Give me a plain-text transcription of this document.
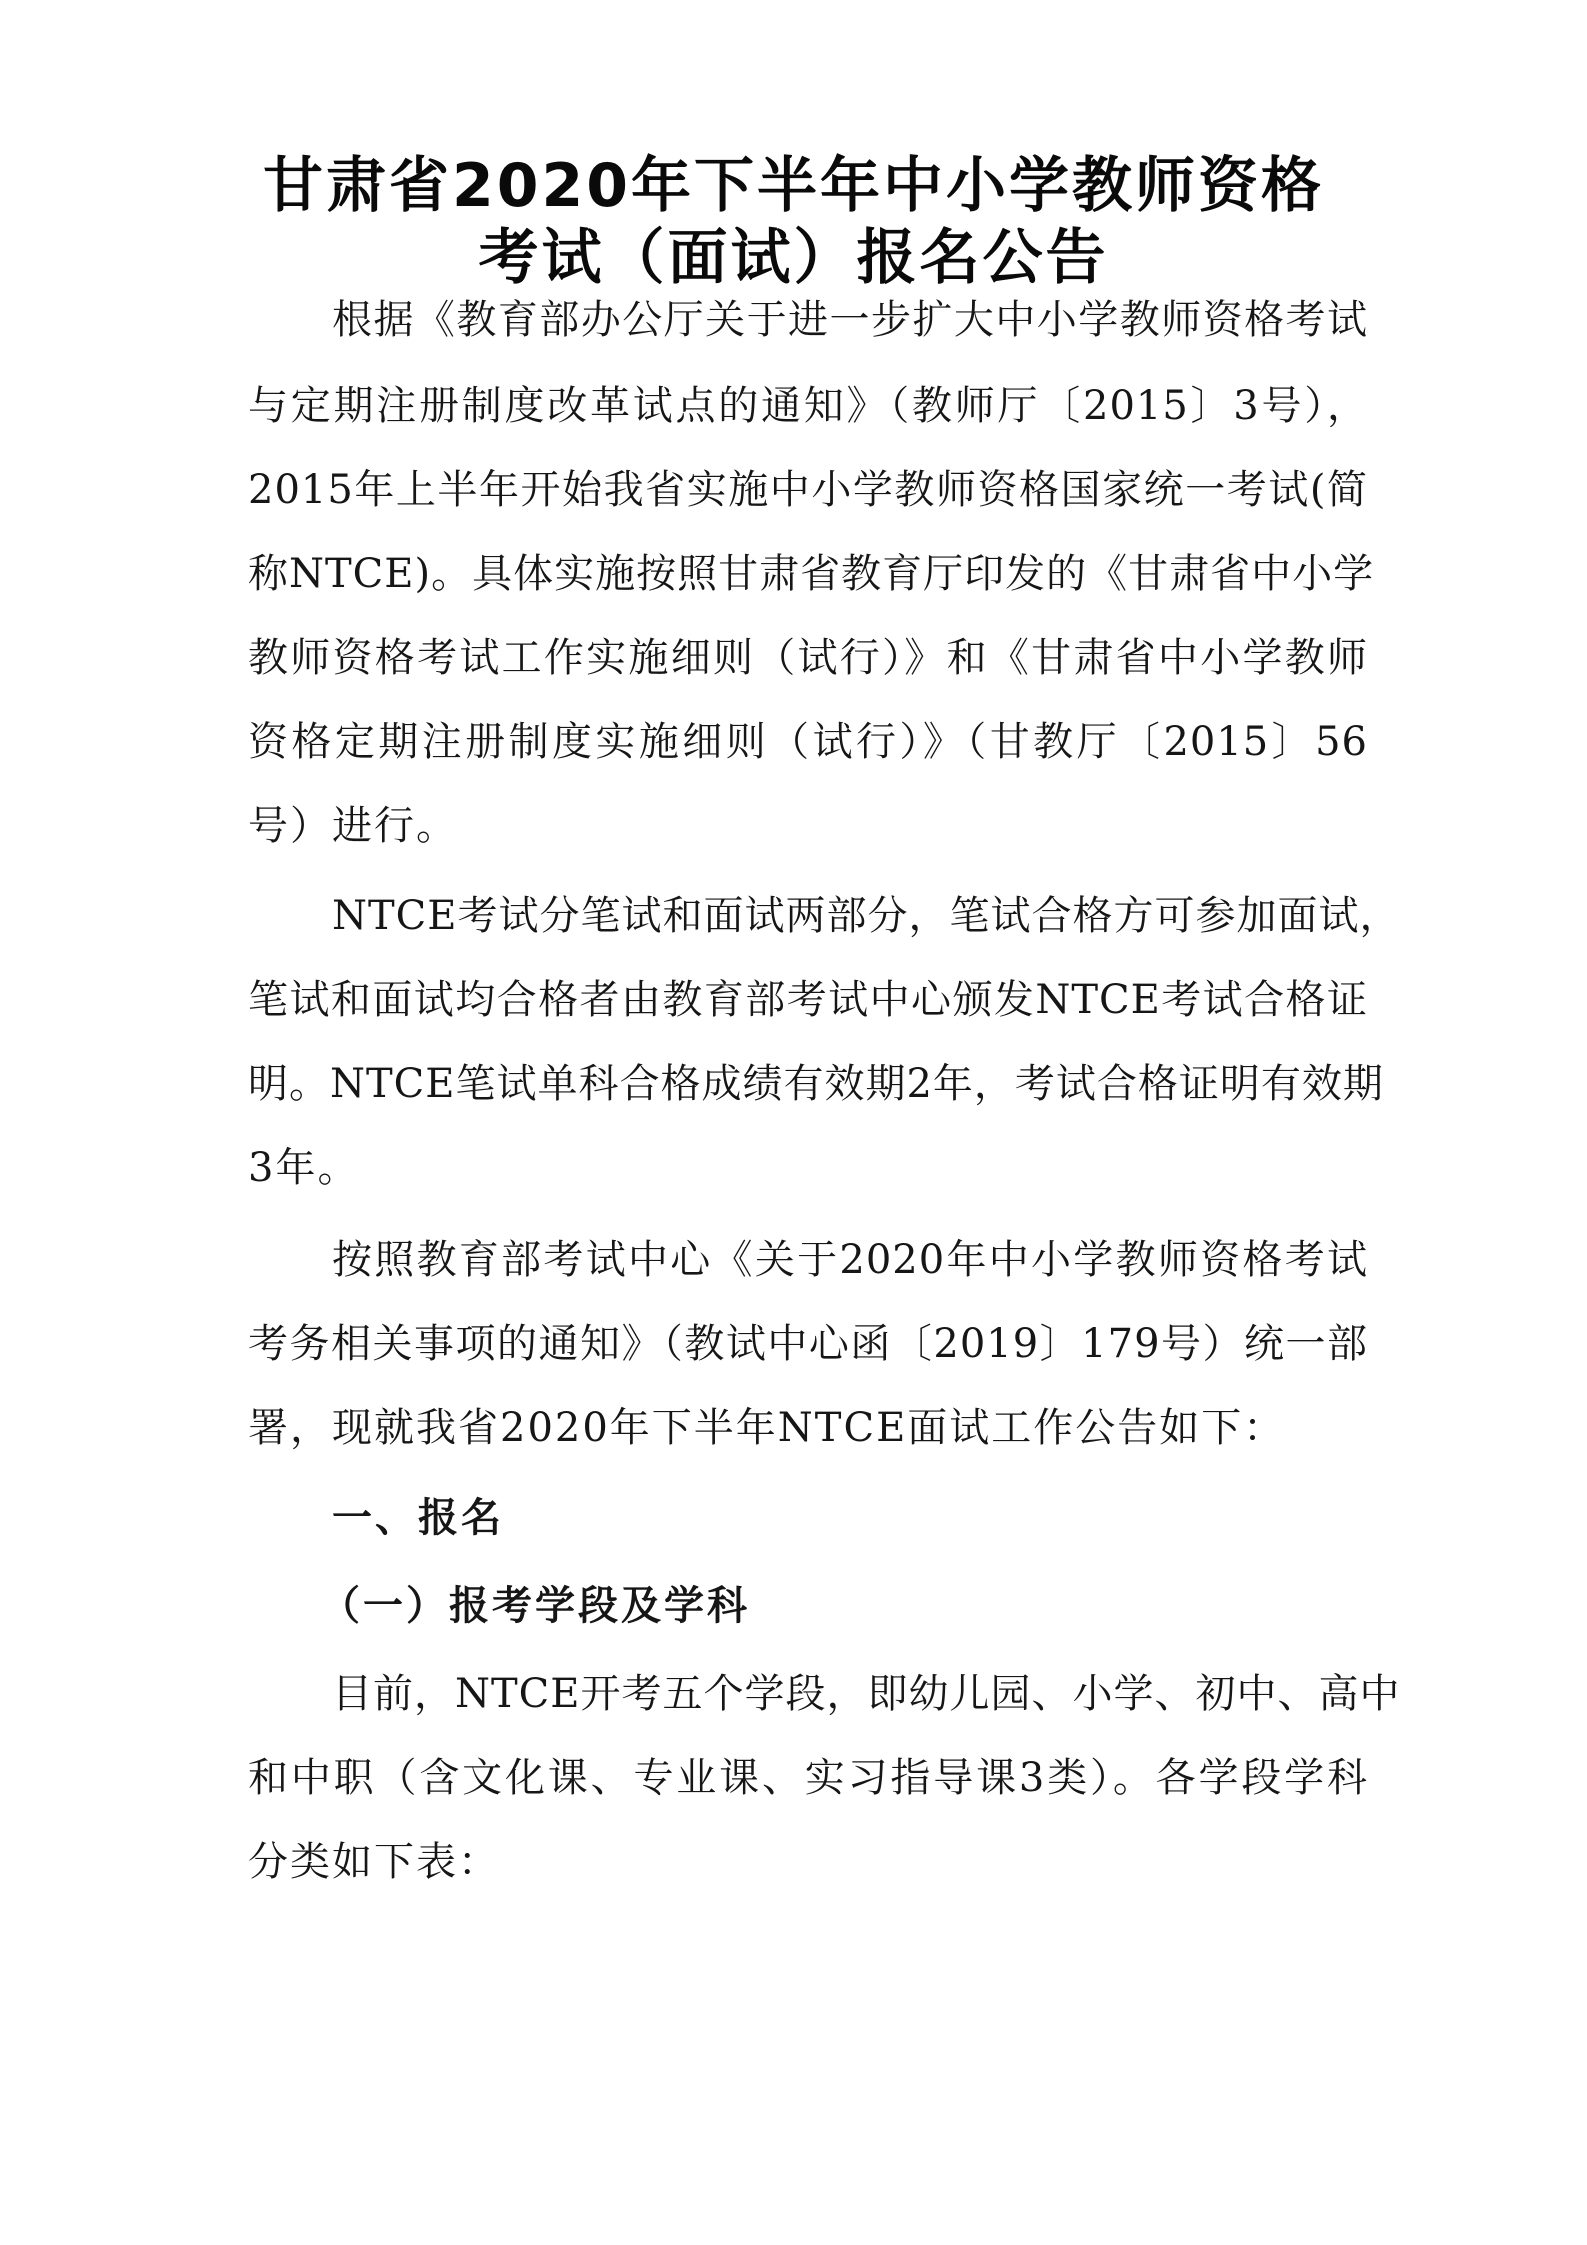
甘肃省2020年下半年中小学教师资格
考试（面试）报名公告
根据《教育部办公厅关于进一步扩大中小学教师资格考试
与定期注册制度改革试点的通知》（教师厅〔2015〕3号），
2015年上半年开始我省实施中小学教师资格国家统一考试(简
称NTCE)。具体实施按照甘肃省教育厅印发的《甘肃省中小学
教师资格考试工作实施细则（试行）》和《甘肃省中小学教师
资格定期注册制度实施细则（试行）》（甘教厅〔2015〕56
号）进行。
NTCE考试分笔试和面试两部分，笔试合格方可参加面试，
笔试和面试均合格者由教育部考试中心颁发NTCE考试合格证
明。NTCE笔试单科合格成绩有效期2年，考试合格证明有效期
3年。
按照教育部考试中心《关于2020年中小学教师资格考试
考务相关事项的通知》（教试中心函〔2019〕179号）统一部
署，现就我省2020年下半年NTCE面试工作公告如下：
一、报名
（一）报考学段及学科
目前，NTCE开考五个学段，即幼儿园、小学、初中、高中
和中职（含文化课、专业课、实习指导课3类）。各学段学科
分类如下表：
